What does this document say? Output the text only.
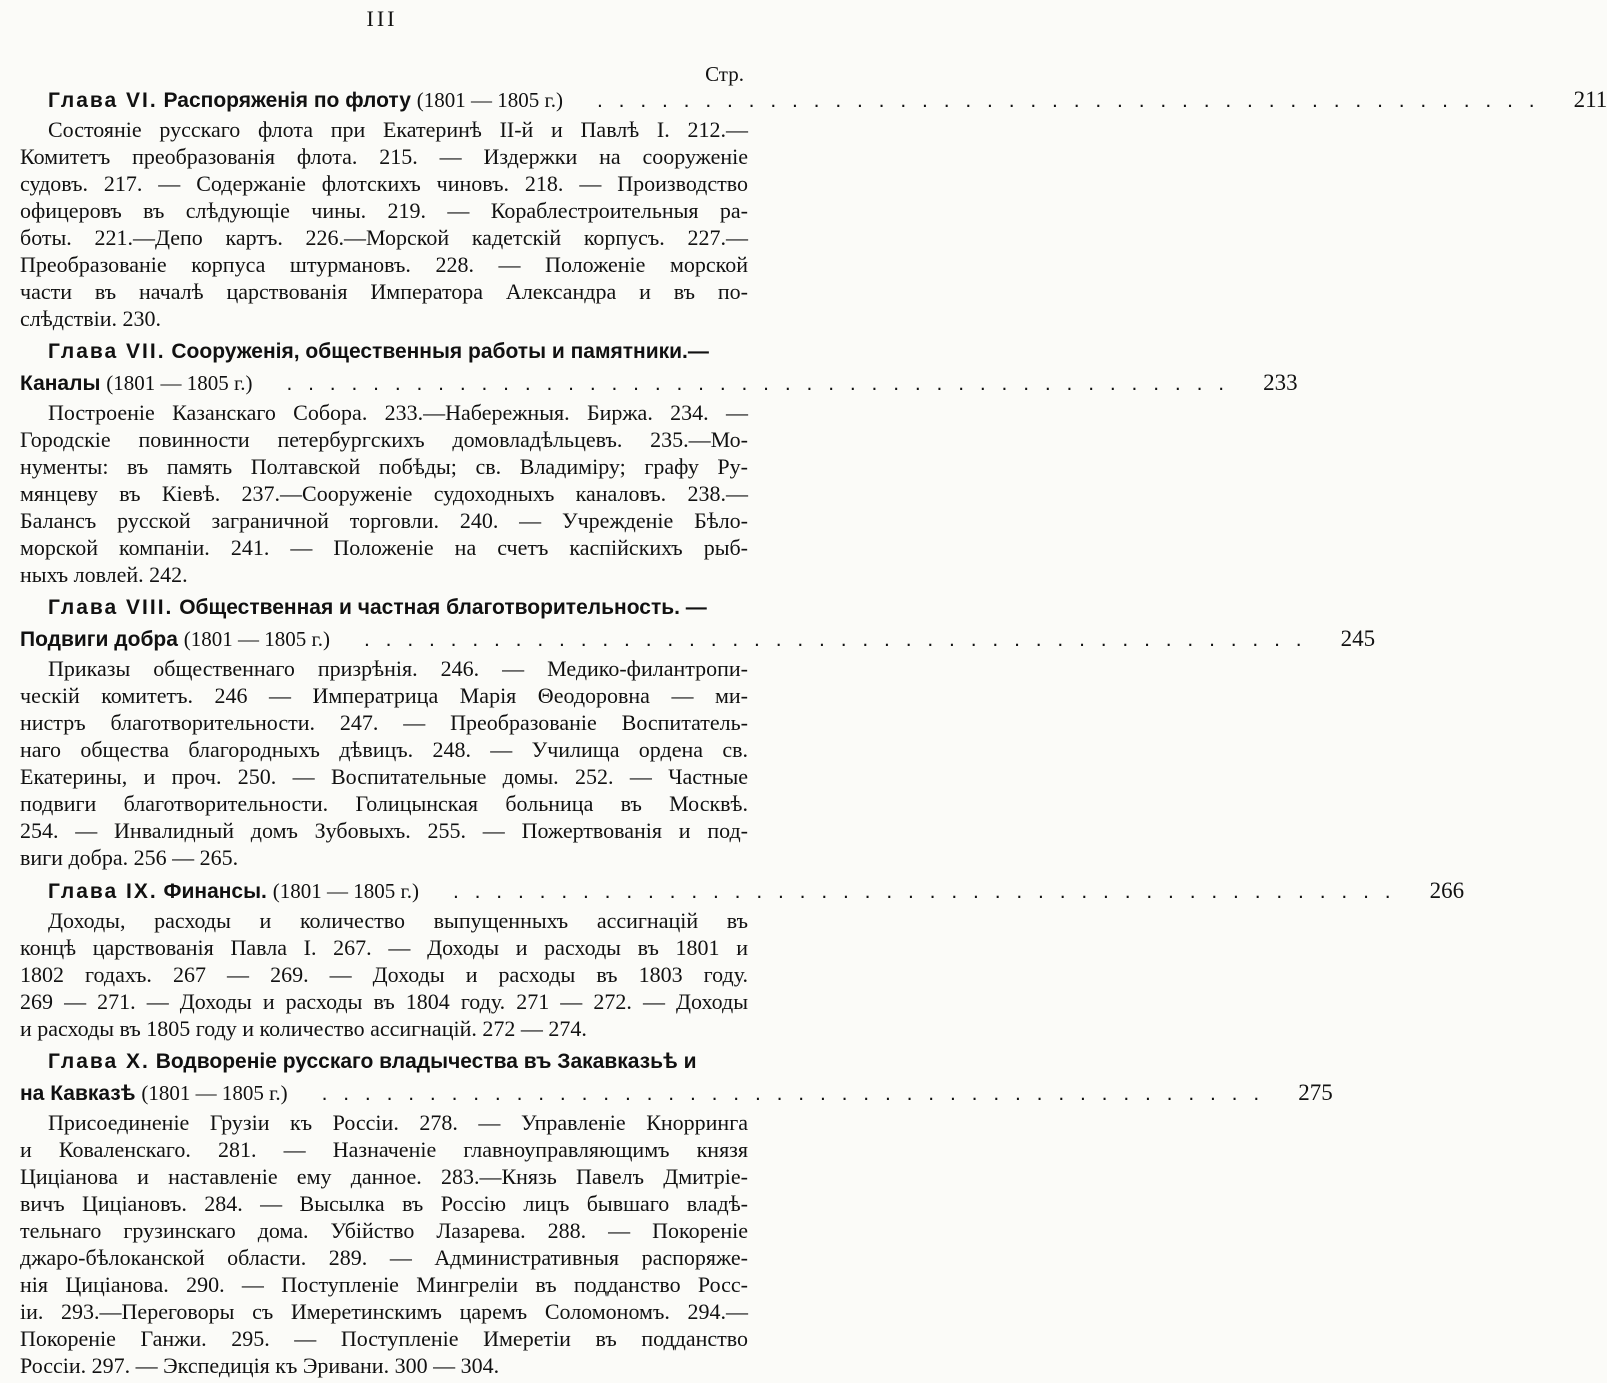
III
Стр.
Глава VI. Распоряженія по флоту (1801 — 1805 г.)	. . . . . . . . . . . . . . . . . . . . . . . . . . . . . . . . . . . . . . . . . . . .	211
Состояніе русскаго флота при Екатеринѣ II-й и Павлѣ I. 212.—
Комитетъ преобразованія флота. 215. — Издержки на сооруженіе
судовъ. 217. — Содержаніе флотскихъ чиновъ. 218. — Производство
офицеровъ въ слѣдующіе чины. 219. — Кораблестроительныя ра-
боты. 221.—Депо картъ. 226.—Морской кадетскій корпусъ. 227.—
Преобразованіе корпуса штурмановъ. 228. — Положеніе морской
части въ началѣ царствованія Императора Александра и въ по-
слѣдствіи. 230.
Глава VII. Сооруженія, общественныя работы и памятники.—
Каналы (1801 — 1805 г.)	. . . . . . . . . . . . . . . . . . . . . . . . . . . . . . . . . . . . . . . . . . . .	233
Построеніе Казанскаго Собора. 233.—Набережныя. Биржа. 234. —
Городскіе повинности петербургскихъ домовладѣльцевъ. 235.—Мо-
нументы: въ память Полтавской побѣды; св. Владиміру; графу Ру-
мянцеву въ Кіевѣ. 237.—Сооруженіе судоходныхъ каналовъ. 238.—
Балансъ русской заграничной торговли. 240. — Учрежденіе Бѣло-
морской компаніи. 241. — Положеніе на счетъ каспійскихъ рыб-
ныхъ ловлей. 242.
Глава VIII. Общественная и частная благотворительность. —
Подвиги добра (1801 — 1805 г.)	. . . . . . . . . . . . . . . . . . . . . . . . . . . . . . . . . . . . . . . . . . . .	245
Приказы общественнаго призрѣнія. 246. — Медико-филантропи-
ческій комитетъ. 246 — Императрица Марія Θеодоровна — ми-
нистръ благотворительности. 247. — Преобразованіе Воспитатель-
наго общества благородныхъ дѣвицъ. 248. — Училища ордена св.
Екатерины, и проч. 250. — Воспитательные домы. 252. — Частные
подвиги благотворительности. Голицынская больница въ Москвѣ.
254. — Инвалидный домъ Зубовыхъ. 255. — Пожертвованія и под-
виги добра. 256 — 265.
Глава IX. Финансы. (1801 — 1805 г.)	. . . . . . . . . . . . . . . . . . . . . . . . . . . . . . . . . . . . . . . . . . . .	266
Доходы, расходы и количество выпущенныхъ ассигнацій въ
концѣ царствованія Павла I. 267. — Доходы и расходы въ 1801 и
1802 годахъ. 267 — 269. — Доходы и расходы въ 1803 году.
269 — 271. — Доходы и расходы въ 1804 году. 271 — 272. — Доходы
и расходы въ 1805 году и количество ассигнацій. 272 — 274.
Глава X. Водвореніе русскаго владычества въ Закавказьѣ и
на Кавказѣ (1801 — 1805 г.)	. . . . . . . . . . . . . . . . . . . . . . . . . . . . . . . . . . . . . . . . . . . .	275
Присоединеніе Грузіи къ Россіи. 278. — Управленіе Кнорринга
и Коваленскаго. 281. — Назначеніе главноуправляющимъ князя
Цицiанова и наставленіе ему данное. 283.—Князь Павелъ Дмитріе-
вичъ Цицiановъ. 284. — Высылка въ Россію лицъ бывшаго владѣ-
тельнаго грузинскаго дома. Убійство Лазарева. 288. — Покореніе
джаро-бѣлоканской области. 289. — Административныя распоряже-
нія Цицiанова. 290. — Поступленіе Мингреліи въ подданство Росс-
іи. 293.—Переговоры съ Имеретинскимъ царемъ Соломономъ. 294.—
Покореніе Ганжи. 295. — Поступленіе Имеретіи въ подданство
Россіи. 297. — Экспедиція къ Эривани. 300 — 304.
